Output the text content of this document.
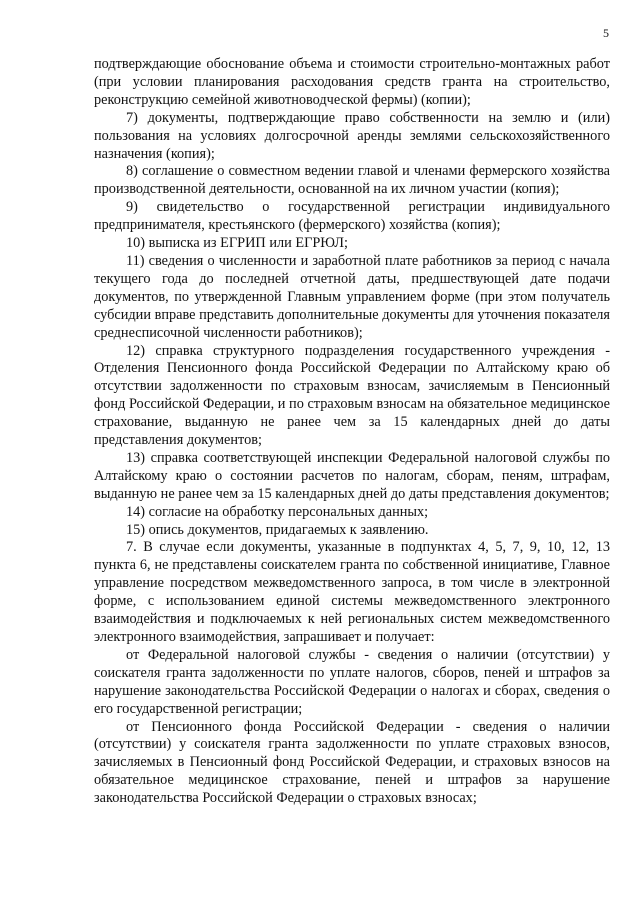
5

подтверждающие обоснование объема и стоимости строительно-монтажных работ (при условии планирования расходования средств гранта на строительство, реконструкцию семейной животноводческой фермы) (копии);

7) документы, подтверждающие право собственности на землю и (или) пользования на условиях долгосрочной аренды землями сельскохозяйственного назначения (копия);

8) соглашение о совместном ведении главой и членами фермерского хозяйства производственной деятельности, основанной на их личном участии (копия);

9) свидетельство о государственной регистрации индивидуального предпринимателя, крестьянского (фермерского) хозяйства (копия);

10) выписка из ЕГРИП или ЕГРЮЛ;

11) сведения о численности и заработной плате работников за период с начала текущего года до последней отчетной даты, предшествующей дате подачи документов, по утвержденной Главным управлением форме (при этом получатель субсидии вправе представить дополнительные документы для уточнения показателя среднесписочной численности работников);

12) справка структурного подразделения государственного учреждения - Отделения Пенсионного фонда Российской Федерации по Алтайскому краю об отсутствии задолженности по страховым взносам, зачисляемым в Пенсионный фонд Российской Федерации, и по страховым взносам на обязательное медицинское страхование, выданную не ранее чем за 15 календарных дней до даты представления документов;

13) справка соответствующей инспекции Федеральной налоговой службы по Алтайскому краю о состоянии расчетов по налогам, сборам, пеням, штрафам, выданную не ранее чем за 15 календарных дней до даты представления документов;

14) согласие на обработку персональных данных;

15) опись документов, придагаемых к заявлению.

7. В случае если документы, указанные в подпунктах 4, 5, 7, 9, 10, 12, 13 пункта 6, не представлены соискателем гранта по собственной инициативе, Главное управление посредством межведомственного запроса, в том числе в электронной форме, с использованием единой системы межведомственного электронного взаимодействия и подключаемых к ней региональных систем межведомственного электронного взаимодействия, запрашивает и получает:

от Федеральной налоговой службы - сведения о наличии (отсутствии) у соискателя гранта задолженности по уплате налогов, сборов, пеней и штрафов за нарушение законодательства Российской Федерации о налогах и сборах, сведения о его государственной регистрации;

от Пенсионного фонда Российской Федерации - сведения о наличии (отсутствии) у соискателя гранта задолженности по уплате страховых взносов, зачисляемых в Пенсионный фонд Российской Федерации, и страховых взносов на обязательное медицинское страхование, пеней и штрафов за нарушение законодательства Российской Федерации о страховых взносах;
